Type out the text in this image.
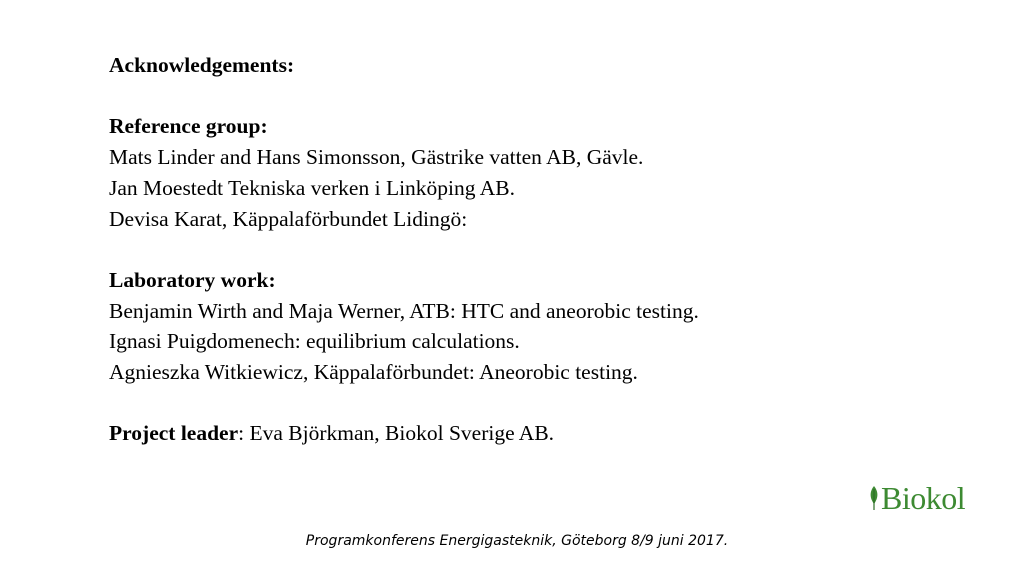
Acknowledgements:

Reference group:

Mats Linder and Hans Simonsson, Gästrike vatten AB, Gävle.

Jan Moestedt Tekniska verken i Linköping AB.

Devisa Karat, Käppalaförbundet Lidingö:

Laboratory work:

Benjamin Wirth and Maja Werner, ATB: HTC and aneorobic testing.

Ignasi Puigdomenech: equilibrium calculations.

Agnieszka Witkiewicz, Käppalaförbundet: Aneorobic testing.

Project leader: Eva Björkman, Biokol Sverige AB.

Biokol
Programkonferens Energigasteknik, Göteborg 8/9 juni 2017.
